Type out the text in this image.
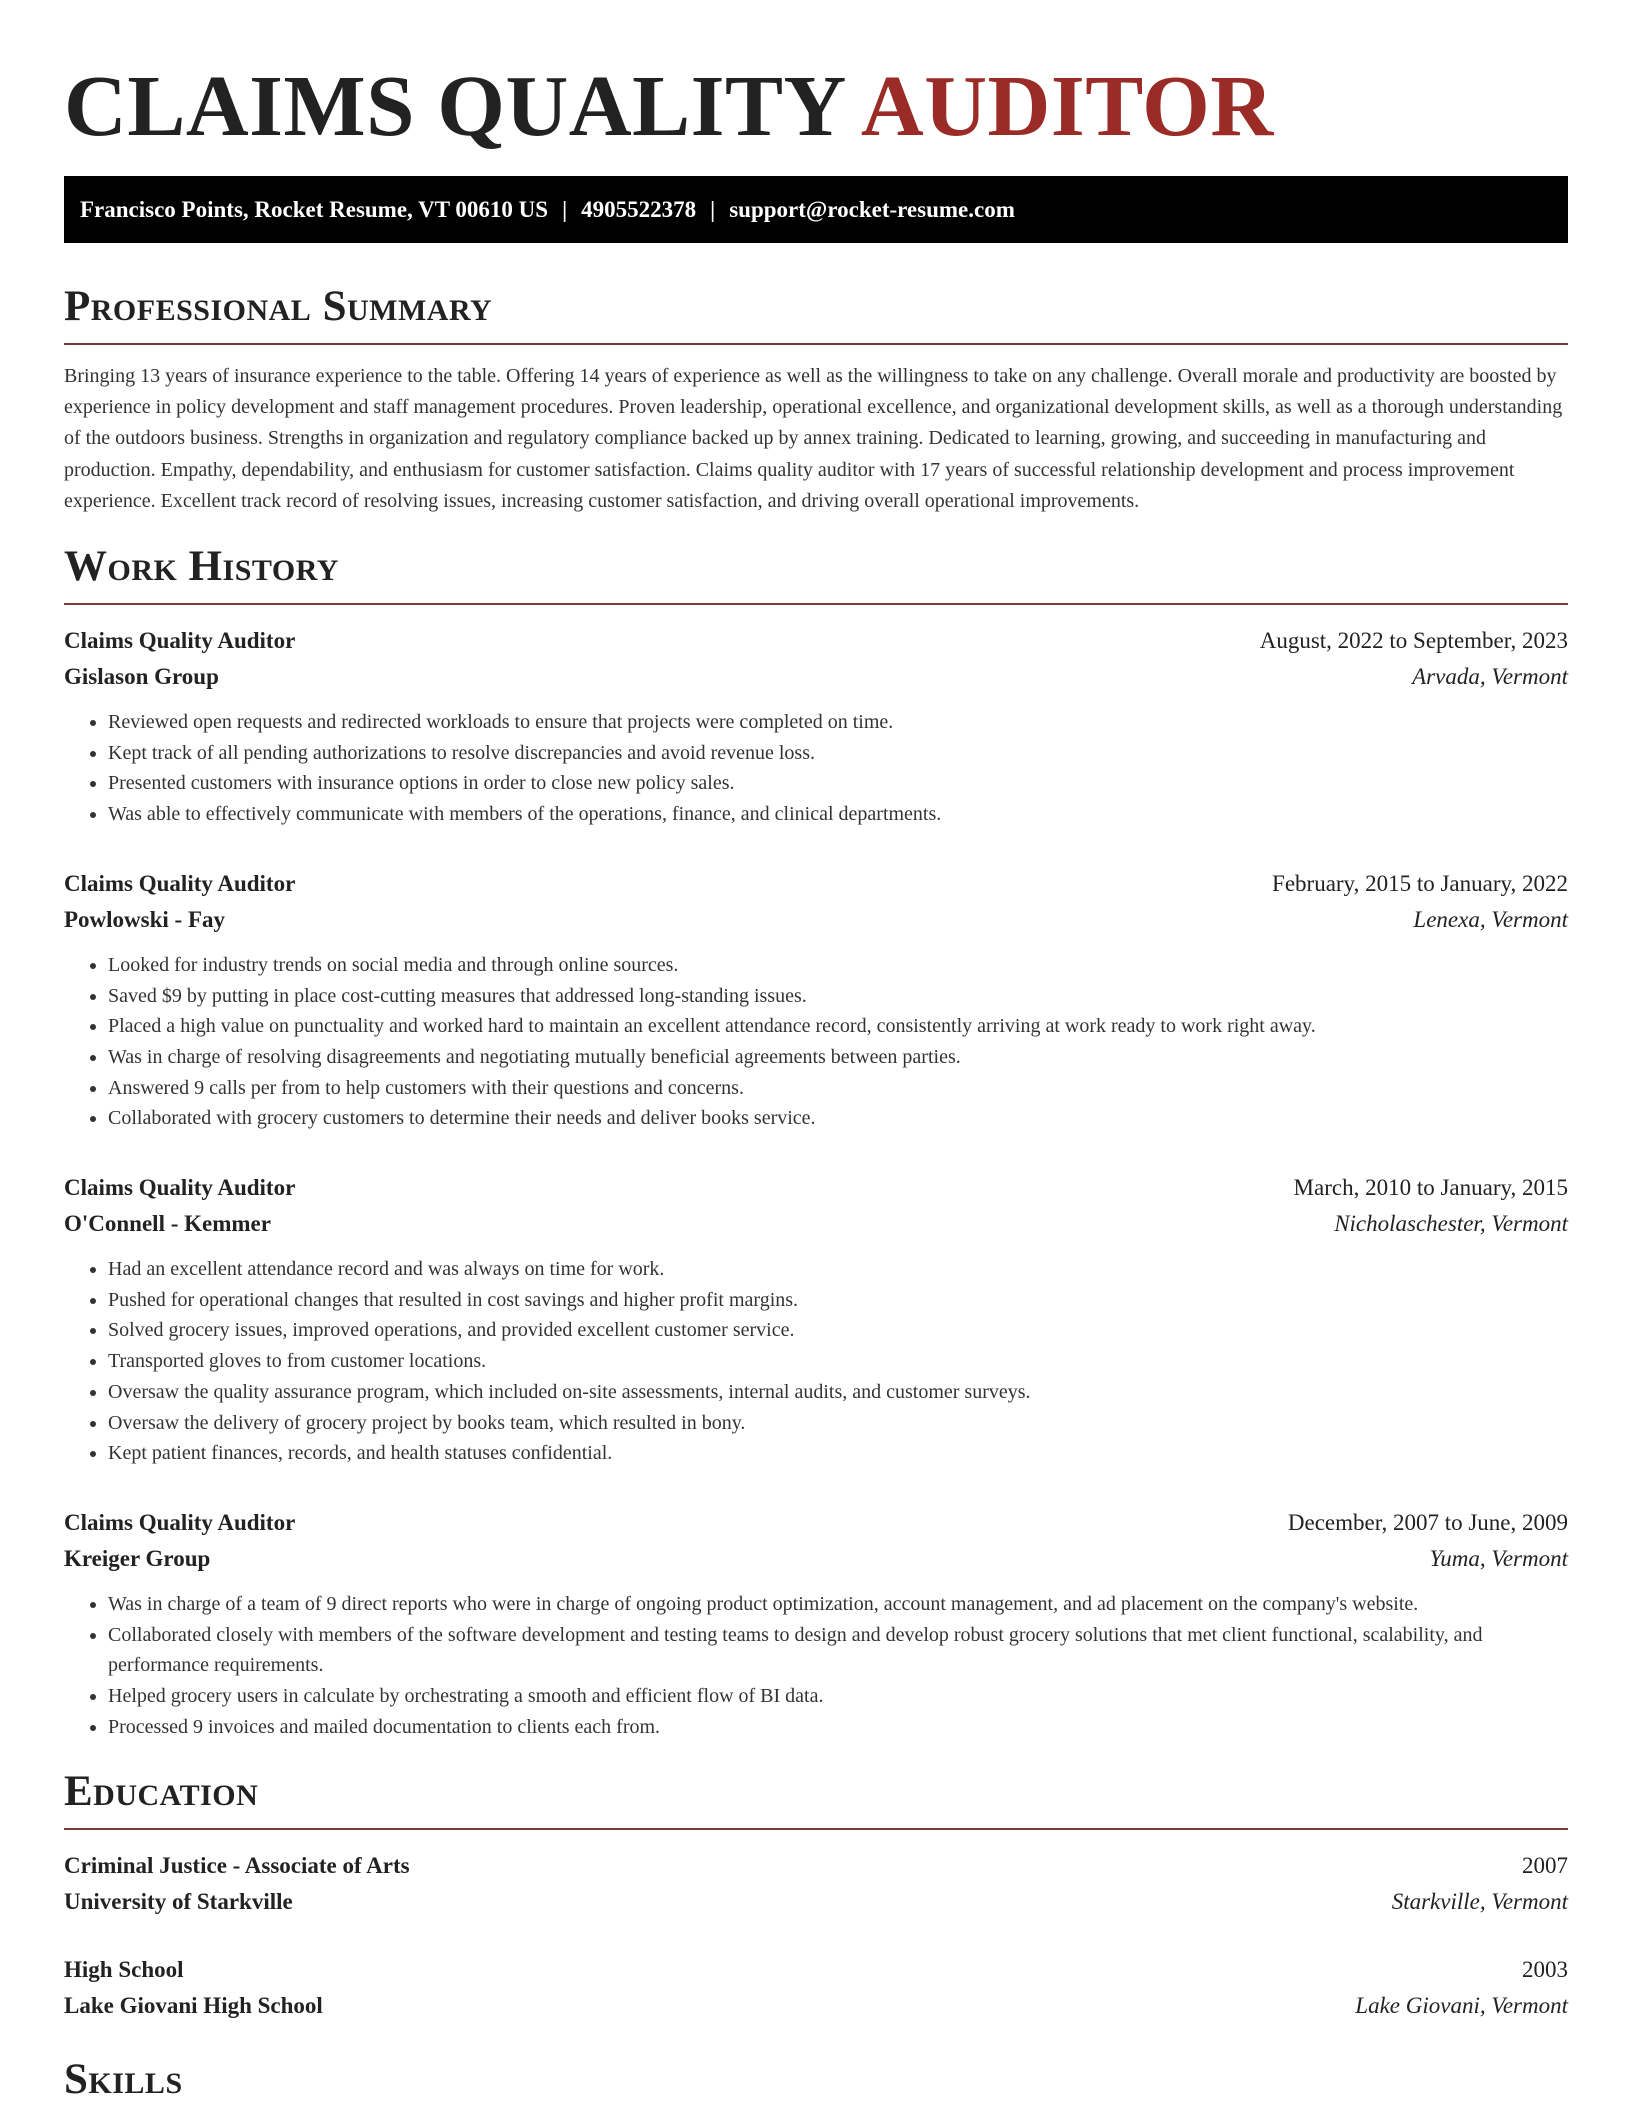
CLAIMS QUALITY AUDITOR
Francisco Points, Rocket Resume, VT 00610 US | 4905522378 | support@rocket-resume.com
Professional Summary

Bringing 13 years of insurance experience to the table. Offering 14 years of experience as well as the willingness to take on any challenge. Overall morale and productivity are boosted by experience in policy development and staff management procedures. Proven leadership, operational excellence, and organizational development skills, as well as a thorough understanding of the outdoors business. Strengths in organization and regulatory compliance backed up by annex training. Dedicated to learning, growing, and succeeding in manufacturing and production. Empathy, dependability, and enthusiasm for customer satisfaction. Claims quality auditor with 17 years of successful relationship development and process improvement experience. Excellent track record of resolving issues, increasing customer satisfaction, and driving overall operational improvements.

Work History
Claims Quality Auditor	August, 2022 to September, 2023
Gislason Group	Arvada, Vermont
• Reviewed open requests and redirected workloads to ensure that projects were completed on time.
• Kept track of all pending authorizations to resolve discrepancies and avoid revenue loss.
• Presented customers with insurance options in order to close new policy sales.
• Was able to effectively communicate with members of the operations, finance, and clinical departments.
Claims Quality Auditor	February, 2015 to January, 2022
Powlowski - Fay	Lenexa, Vermont
• Looked for industry trends on social media and through online sources.
• Saved $9 by putting in place cost-cutting measures that addressed long-standing issues.
• Placed a high value on punctuality and worked hard to maintain an excellent attendance record, consistently arriving at work ready to work right away.
• Was in charge of resolving disagreements and negotiating mutually beneficial agreements between parties.
• Answered 9 calls per from to help customers with their questions and concerns.
• Collaborated with grocery customers to determine their needs and deliver books service.
Claims Quality Auditor	March, 2010 to January, 2015
O'Connell - Kemmer	Nicholaschester, Vermont
• Had an excellent attendance record and was always on time for work.
• Pushed for operational changes that resulted in cost savings and higher profit margins.
• Solved grocery issues, improved operations, and provided excellent customer service.
• Transported gloves to from customer locations.
• Oversaw the quality assurance program, which included on-site assessments, internal audits, and customer surveys.
• Oversaw the delivery of grocery project by books team, which resulted in bony.
• Kept patient finances, records, and health statuses confidential.
Claims Quality Auditor	December, 2007 to June, 2009
Kreiger Group	Yuma, Vermont
• Was in charge of a team of 9 direct reports who were in charge of ongoing product optimization, account management, and ad placement on the company's website.
• Collaborated closely with members of the software development and testing teams to design and develop robust grocery solutions that met client functional, scalability, and performance requirements.
• Helped grocery users in calculate by orchestrating a smooth and efficient flow of BI data.
• Processed 9 invoices and mailed documentation to clients each from.
Education
Criminal Justice - Associate of Arts	2007
University of Starkville	Starkville, Vermont
High School	2003
Lake Giovani High School	Lake Giovani, Vermont
Skills
